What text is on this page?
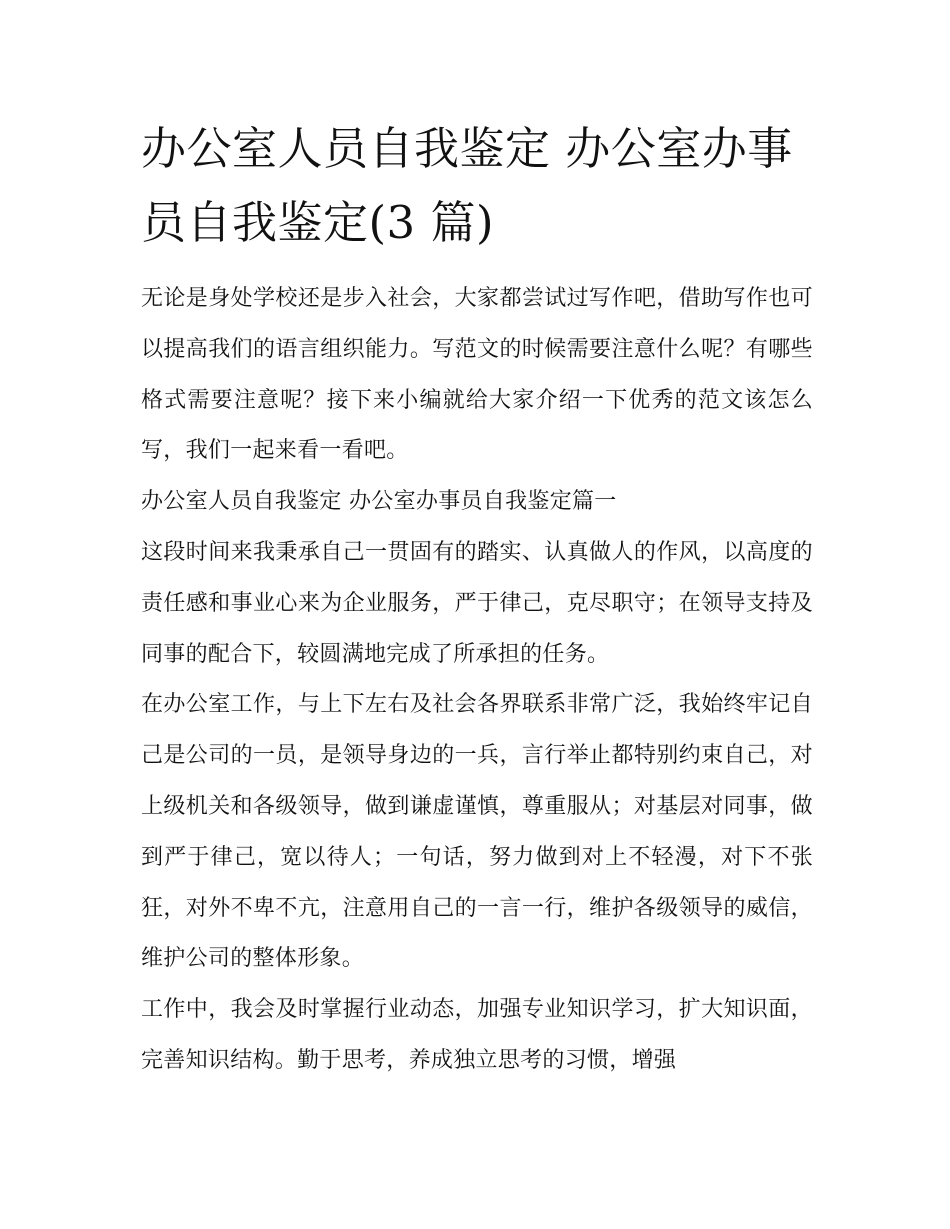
办公室人员自我鉴定 办公室办事员自我鉴定(3 篇)

无论是身处学校还是步入社会，大家都尝试过写作吧，借助写作也可以提高我们的语言组织能力。写范文的时候需要注意什么呢？有哪些格式需要注意呢？接下来小编就给大家介绍一下优秀的范文该怎么写，我们一起来看一看吧。

办公室人员自我鉴定 办公室办事员自我鉴定篇一

这段时间来我秉承自己一贯固有的踏实、认真做人的作风，以高度的责任感和事业心来为企业服务，严于律己，克尽职守；在领导支持及同事的配合下，较圆满地完成了所承担的任务。

在办公室工作，与上下左右及社会各界联系非常广泛，我始终牢记自己是公司的一员，是领导身边的一兵，言行举止都特别约束自己，对上级机关和各级领导，做到谦虚谨慎，尊重服从；对基层对同事，做到严于律己，宽以待人；一句话，努力做到对上不轻漫，对下不张狂，对外不卑不亢，注意用自己的一言一行，维护各级领导的威信，维护公司的整体形象。

工作中，我会及时掌握行业动态，加强专业知识学习，扩大知识面，完善知识结构。勤于思考，养成独立思考的习惯，增强
